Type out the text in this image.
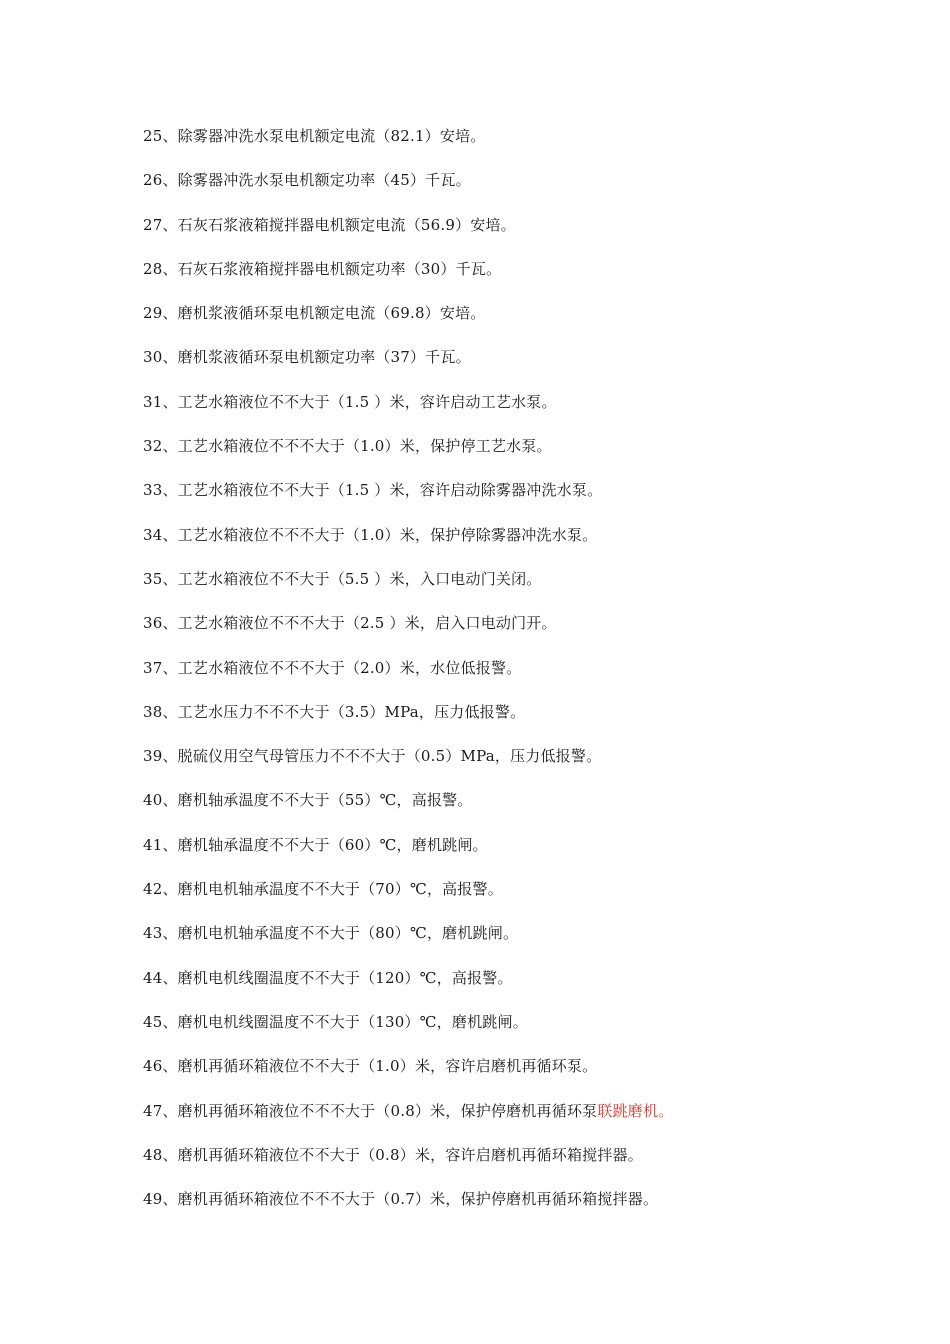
25、除雾器冲洗水泵电机额定电流（82.1）安培。
26、除雾器冲洗水泵电机额定功率（45）千瓦。
27、石灰石浆液箱搅拌器电机额定电流（56.9）安培。
28、石灰石浆液箱搅拌器电机额定功率（30）千瓦。
29、磨机浆液循环泵电机额定电流（69.8）安培。
30、磨机浆液循环泵电机额定功率（37）千瓦。
31、工艺水箱液位不不大于（1.5 ）米，容许启动工艺水泵。
32、工艺水箱液位不不不大于（1.0）米，保护停工艺水泵。
33、工艺水箱液位不不大于（1.5 ）米，容许启动除雾器冲洗水泵。
34、工艺水箱液位不不不大于（1.0）米，保护停除雾器冲洗水泵。
35、工艺水箱液位不不大于（5.5 ）米，入口电动门关闭。
36、工艺水箱液位不不不大于（2.5 ）米，启入口电动门开。
37、工艺水箱液位不不不大于（2.0）米，水位低报警。
38、工艺水压力不不不大于（3.5）MPa，压力低报警。
39、脱硫仪用空气母管压力不不不大于（0.5）MPa，压力低报警。
40、磨机轴承温度不不大于（55）℃，高报警。
41、磨机轴承温度不不大于（60）℃，磨机跳闸。
42、磨机电机轴承温度不不大于（70）℃，高报警。
43、磨机电机轴承温度不不大于（80）℃，磨机跳闸。
44、磨机电机线圈温度不不大于（120）℃，高报警。
45、磨机电机线圈温度不不大于（130）℃，磨机跳闸。
46、磨机再循环箱液位不不大于（1.0）米，容许启磨机再循环泵。
47、磨机再循环箱液位不不不大于（0.8）米，保护停磨机再循环泵联跳磨机。
48、磨机再循环箱液位不不大于（0.8）米，容许启磨机再循环箱搅拌器。
49、磨机再循环箱液位不不不大于（0.7）米，保护停磨机再循环箱搅拌器。
